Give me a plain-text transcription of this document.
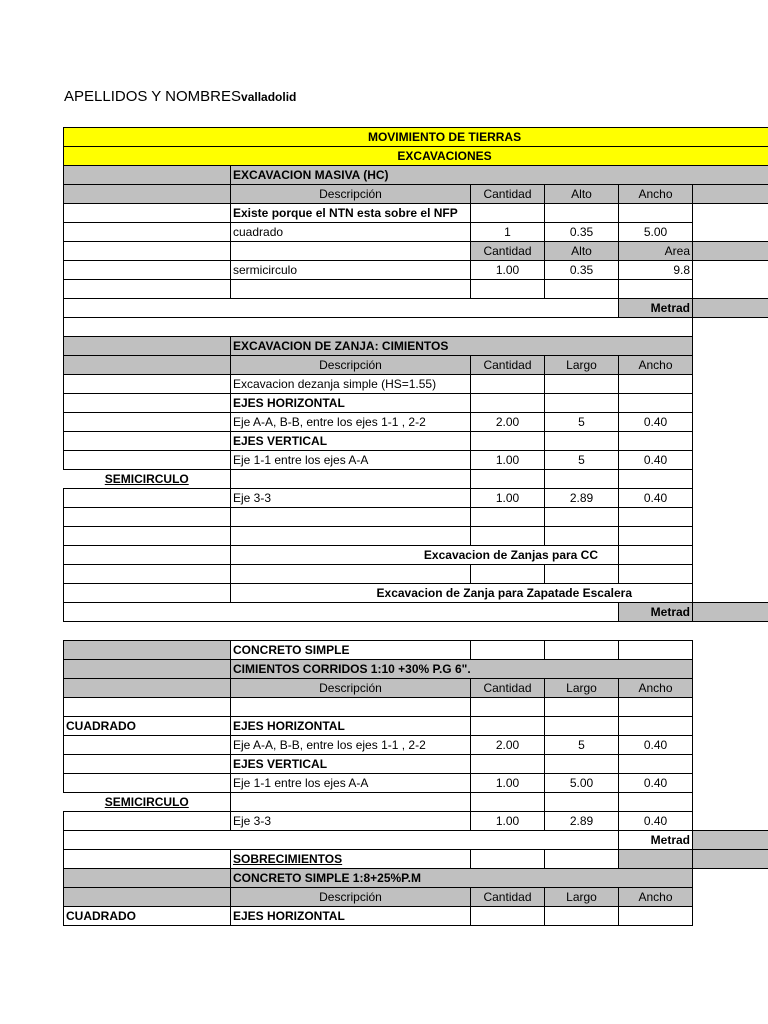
APELLIDOS Y NOMBRESvalladolid
MOVIMIENTO DE TIERRAS					
EXCAVACIONES					
	EXCAVACION MASIVA (HC)				
	Descripción	Cantidad	Alto	Ancho	
	Existe porque el NTN esta sobre el NFP				
	cuadrado	1	0.35	5.00	
		Cantidad	Alto	Area	
	sermicirculo	1.00	0.35	9.8	

				Metrad	

	EXCAVACION DE ZANJA: CIMIENTOS				
	Descripción	Cantidad	Largo	Ancho	
	Excavacion dezanja simple (HS=1.55)				
	EJES HORIZONTAL				
	Eje A-A, B-B, entre los ejes 1-1 , 2-2	2.00	5	0.40	
	EJES VERTICAL				
	Eje 1-1 entre los ejes A-A	1.00	5	0.40	
SEMICIRCULO					
	Eje 3-3	1.00	2.89	0.40	

	Excavacion de Zanjas para CC				

	Excavacion de Zanja para Zapatade Escalera				
				Metrad	

	CONCRETO SIMPLE				
	CIMIENTOS CORRIDOS 1:10 +30% P.G 6".				
	Descripción	Cantidad	Largo	Ancho	

CUADRADO	EJES HORIZONTAL				
	Eje A-A, B-B, entre los ejes 1-1 , 2-2	2.00	5	0.40	
	EJES VERTICAL				
	Eje 1-1 entre los ejes A-A	1.00	5.00	0.40	
SEMICIRCULO					
	Eje 3-3	1.00	2.89	0.40	
				Metrad	
	SOBRECIMIENTOS				
	CONCRETO SIMPLE 1:8+25%P.M				
	Descripción	Cantidad	Largo	Ancho	
CUADRADO	EJES HORIZONTAL				
